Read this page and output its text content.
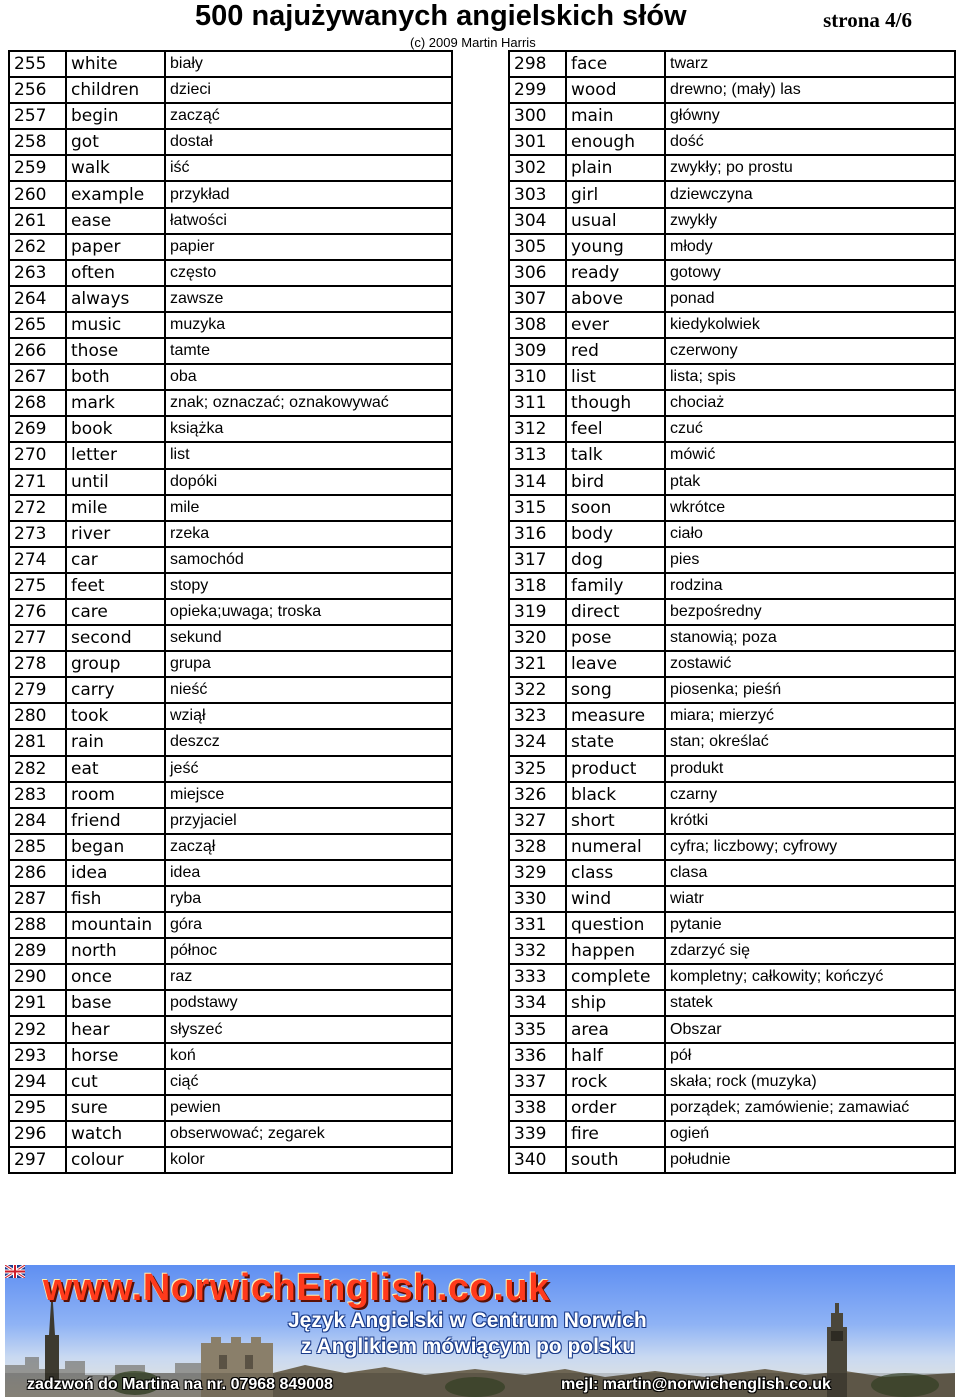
500 najużywanych angielskich słów
(c) 2009 Martin Harris
strona 4/6
255	white	biały
256	children	dzieci
257	begin	zacząć
258	got	dostał
259	walk	iść
260	example	przykład
261	ease	łatwości
262	paper	papier
263	often	często
264	always	zawsze
265	music	muzyka
266	those	tamte
267	both	oba
268	mark	znak; oznaczać; oznakowywać
269	book	książka
270	letter	list
271	until	dopóki
272	mile	mile
273	river	rzeka
274	car	samochód
275	feet	stopy
276	care	opieka;uwaga; troska
277	second	sekund
278	group	grupa
279	carry	nieść
280	took	wziął
281	rain	deszcz
282	eat	jeść
283	room	miejsce
284	friend	przyjaciel
285	began	zaczął
286	idea	idea
287	fish	ryba
288	mountain	góra
289	north	północ
290	once	raz
291	base	podstawy
292	hear	słyszeć
293	horse	koń
294	cut	ciąć
295	sure	pewien
296	watch	obserwować; zegarek
297	colour	kolor
298	face	twarz
299	wood	drewno; (mały) las
300	main	główny
301	enough	dość
302	plain	zwykły; po prostu
303	girl	dziewczyna
304	usual	zwykły
305	young	młody
306	ready	gotowy
307	above	ponad
308	ever	kiedykolwiek
309	red	czerwony
310	list	lista; spis
311	though	chociaż
312	feel	czuć
313	talk	mówić
314	bird	ptak
315	soon	wkrótce
316	body	ciało
317	dog	pies
318	family	rodzina
319	direct	bezpośredny
320	pose	stanowią; poza
321	leave	zostawić
322	song	piosenka; pieśń
323	measure	miara; mierzyć
324	state	stan; określać
325	product	produkt
326	black	czarny
327	short	krótki
328	numeral	cyfra; liczbowy; cyfrowy
329	class	clasa
330	wind	wiatr
331	question	pytanie
332	happen	zdarzyć się
333	complete	kompletny; całkowity; kończyć
334	ship	statek
335	area	Obszar
336	half	pół
337	rock	skała; rock (muzyka)
338	order	porządek; zamówienie; zamawiać
339	fire	ogień
340	south	południe
www.NorwichEnglish.co.uk
Język Angielski w Centrum Norwich
z Anglikiem mówiącym po polsku
zadzwoń do Martina na nr. 07968 849008	mejl: martin@norwichenglish.co.uk
